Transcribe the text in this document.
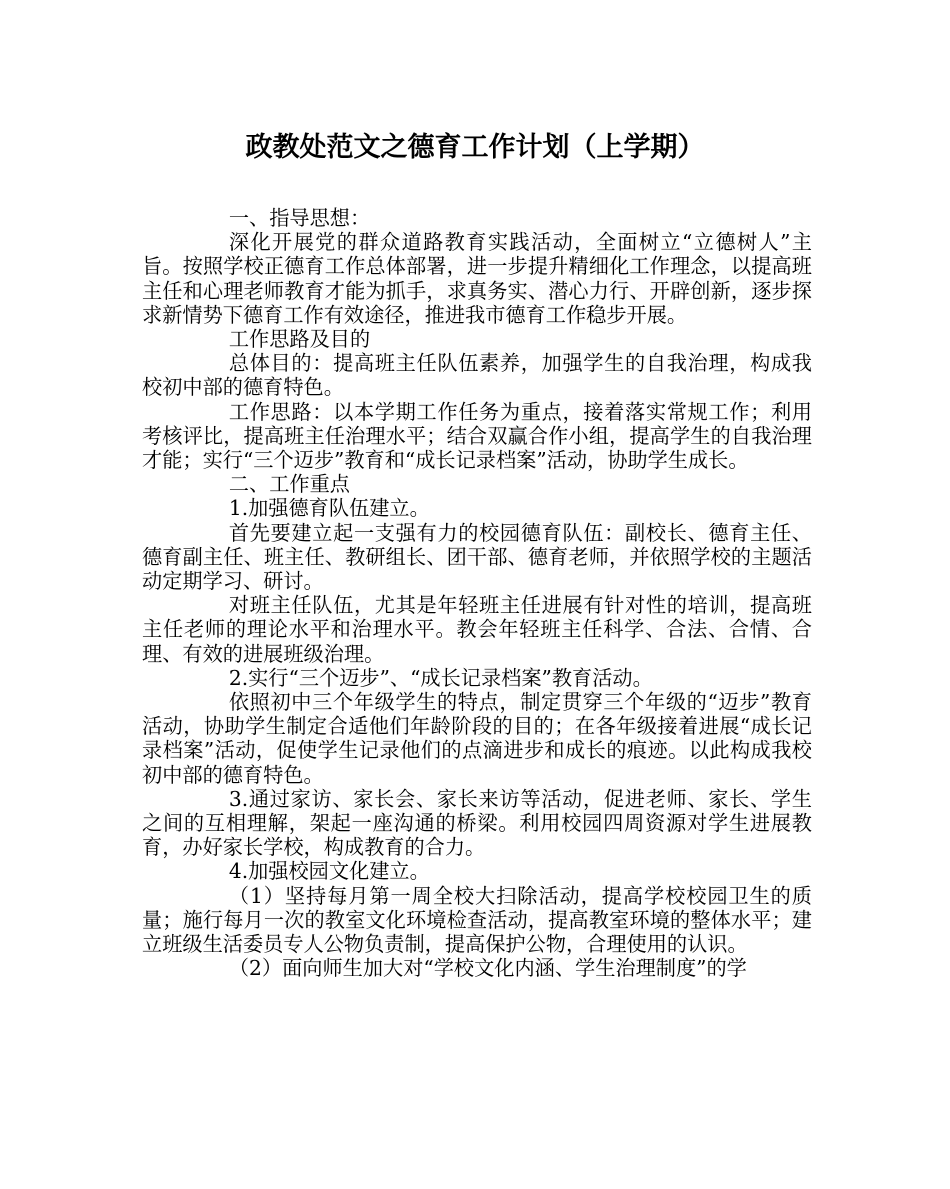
政教处范文之德育工作计划（上学期）

一、指导思想：

深化开展党的群众道路教育实践活动，全面树立“立德树人”主旨。按照学校正德育工作总体部署，进一步提升精细化工作理念，以提高班主任和心理老师教育才能为抓手，求真务实、潜心力行、开辟创新，逐步探求新情势下德育工作有效途径，推进我市德育工作稳步开展。

工作思路及目的

总体目的：提高班主任队伍素养，加强学生的自我治理，构成我校初中部的德育特色。

工作思路：以本学期工作任务为重点，接着落实常规工作；利用考核评比，提高班主任治理水平；结合双赢合作小组，提高学生的自我治理才能；实行“三个迈步”教育和“成长记录档案”活动，协助学生成长。

二、工作重点

1.加强德育队伍建立。

首先要建立起一支强有力的校园德育队伍：副校长、德育主任、德育副主任、班主任、教研组长、团干部、德育老师，并依照学校的主题活动定期学习、研讨。

对班主任队伍，尤其是年轻班主任进展有针对性的培训，提高班主任老师的理论水平和治理水平。教会年轻班主任科学、合法、合情、合理、有效的进展班级治理。

2.实行“三个迈步”、“成长记录档案”教育活动。

依照初中三个年级学生的特点，制定贯穿三个年级的“迈步”教育活动，协助学生制定合适他们年龄阶段的目的；在各年级接着进展“成长记录档案”活动，促使学生记录他们的点滴进步和成长的痕迹。以此构成我校初中部的德育特色。

3.通过家访、家长会、家长来访等活动，促进老师、家长、学生之间的互相理解，架起一座沟通的桥梁。利用校园四周资源对学生进展教育，办好家长学校，构成教育的合力。

4.加强校园文化建立。

（1）坚持每月第一周全校大扫除活动，提高学校校园卫生的质量；施行每月一次的教室文化环境检查活动，提高教室环境的整体水平；建立班级生活委员专人公物负责制，提高保护公物，合理使用的认识。

（2）面向师生加大对“学校文化内涵、学生治理制度”的学
